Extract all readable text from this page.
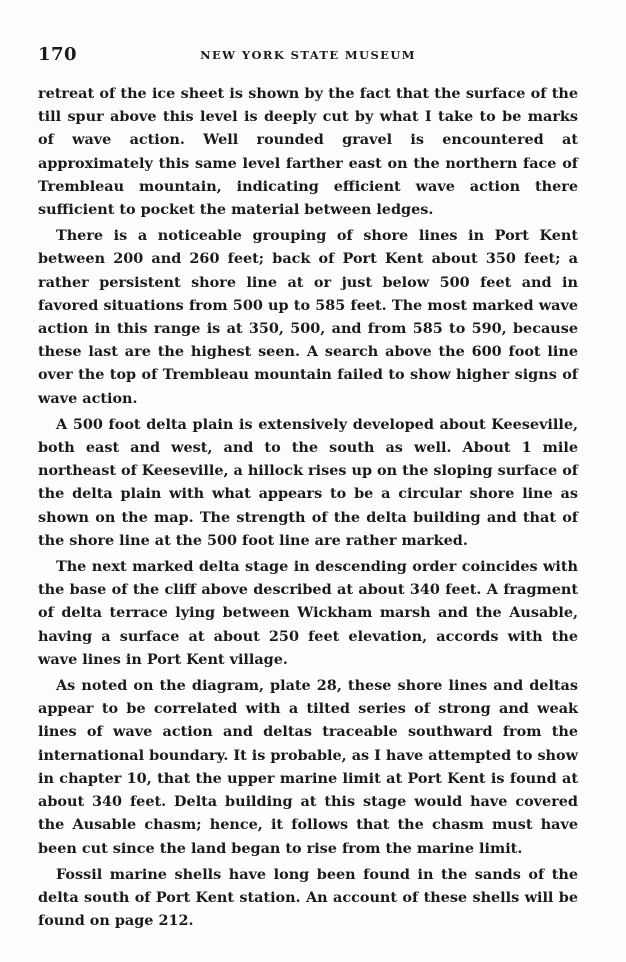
170	NEW YORK STATE MUSEUM

retreat of the ice sheet is shown by the fact that the surface of the till spur above this level is deeply cut by what I take to be marks of wave action. Well rounded gravel is encountered at approximately this same level farther east on the northern face of Trembleau mountain, indicating efficient wave action there sufficient to pocket the material between ledges.

There is a noticeable grouping of shore lines in Port Kent between 200 and 260 feet; back of Port Kent about 350 feet; a rather persistent shore line at or just below 500 feet and in favored situations from 500 up to 585 feet. The most marked wave action in this range is at 350, 500, and from 585 to 590, because these last are the highest seen. A search above the 600 foot line over the top of Trembleau mountain failed to show higher signs of wave action.

A 500 foot delta plain is extensively developed about Keeseville, both east and west, and to the south as well. About 1 mile northeast of Keeseville, a hillock rises up on the sloping surface of the delta plain with what appears to be a circular shore line as shown on the map. The strength of the delta building and that of the shore line at the 500 foot line are rather marked.

The next marked delta stage in descending order coincides with the base of the cliff above described at about 340 feet. A fragment of delta terrace lying between Wickham marsh and the Ausable, having a surface at about 250 feet elevation, accords with the wave lines in Port Kent village.

As noted on the diagram, plate 28, these shore lines and deltas appear to be correlated with a tilted series of strong and weak lines of wave action and deltas traceable southward from the international boundary. It is probable, as I have attempted to show in chapter 10, that the upper marine limit at Port Kent is found at about 340 feet. Delta building at this stage would have covered the Ausable chasm; hence, it follows that the chasm must have been cut since the land began to rise from the marine limit.

Fossil marine shells have long been found in the sands of the delta south of Port Kent station. An account of these shells will be found on page 212.
